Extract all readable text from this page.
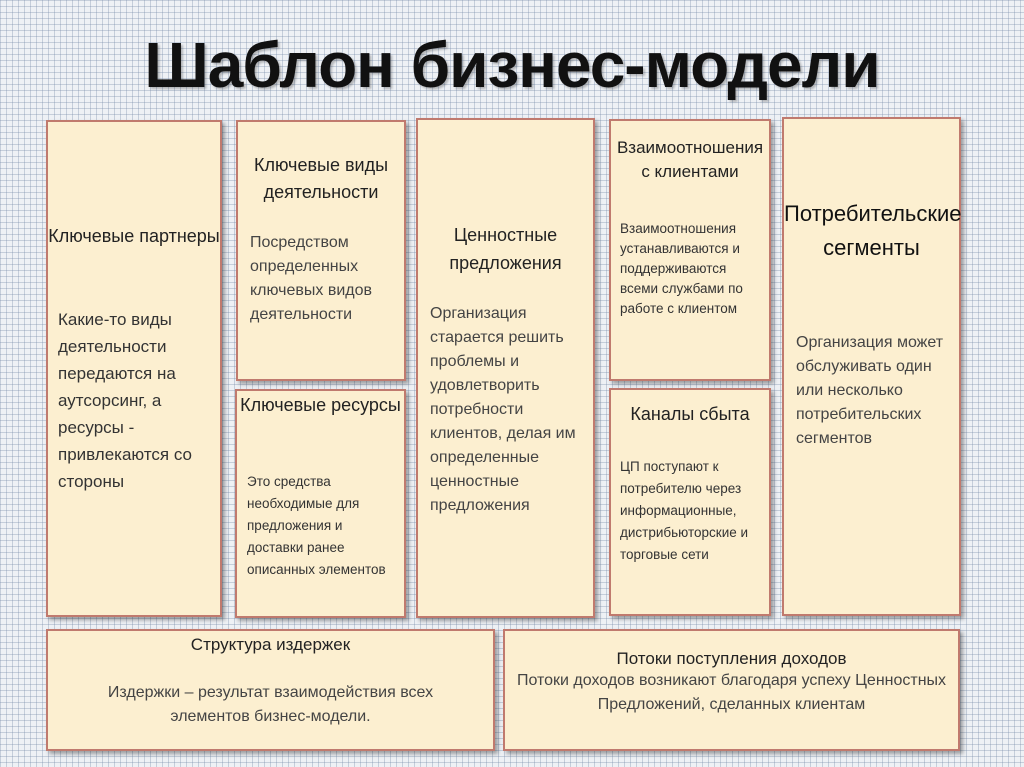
Шаблон бизнес-модели
Ключевые партнеры
Какие-то виды деятельности передаются на аутсорсинг, а ресурсы - привлекаются со стороны
Ключевые виды деятельности
Посредством определенных ключевых видов деятельности
Ключевые ресурсы
Это средства необходимые для предложения и доставки ранее описанных элементов
Ценностные предложения
Организация старается решить проблемы и удовлетворить потребности клиентов, делая им определенные ценностные предложения
Взаимоотношения с клиентами
Взаимоотношения устанавливаются и поддерживаются всеми службами по работе с клиентом
Каналы сбыта
ЦП поступают к потребителю через информационные, дистрибьюторские и торговые сети
Потребительские сегменты
Организация может обслуживать один или несколько потребительских сегментов
Структура издержек
Издержки – результат взаимодействия всех элементов бизнес-модели.
Потоки поступления доходов
Потоки доходов возникают благодаря успеху Ценностных Предложений, сделанных клиентам
